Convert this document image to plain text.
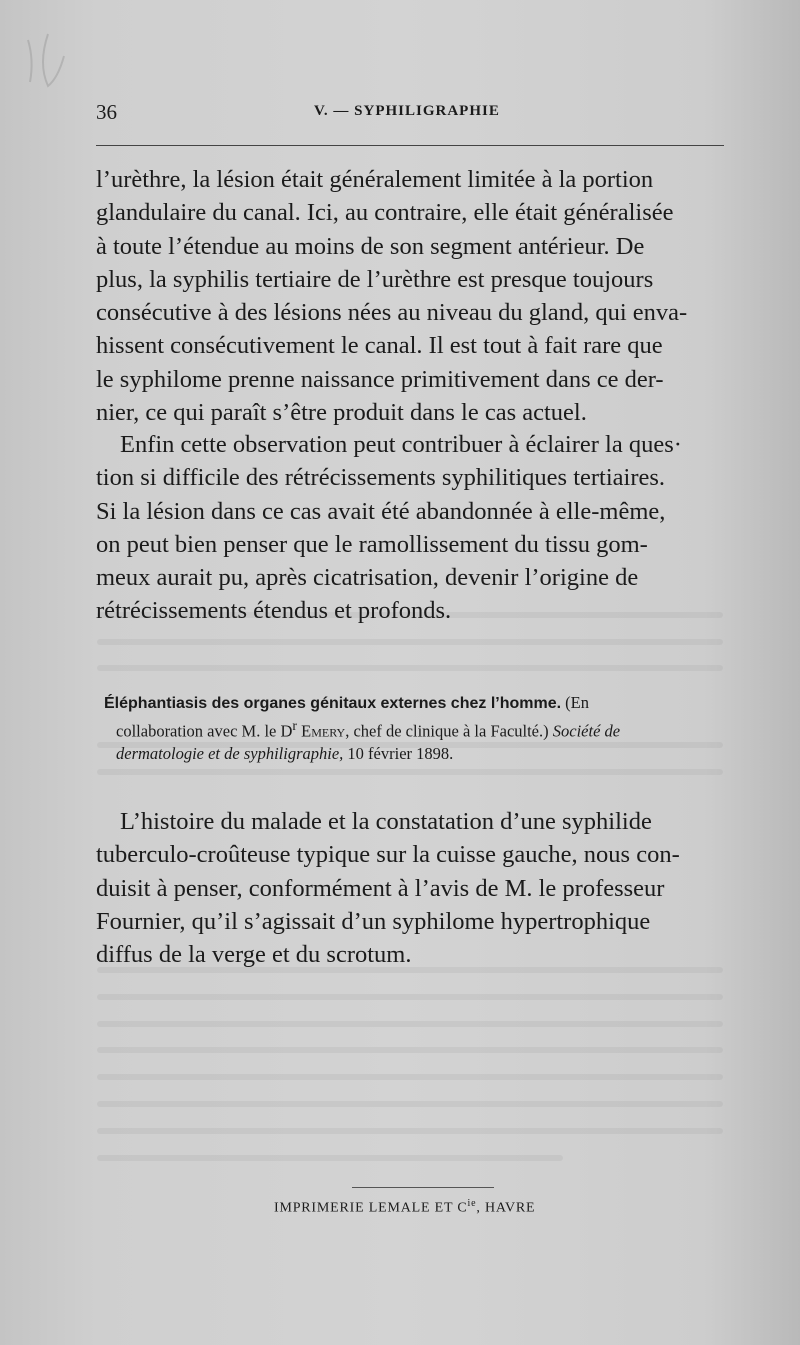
36	V. — SYPHILIGRAPHIE

l’urèthre, la lésion était généralement limitée à la portion
glandulaire du canal. Ici, au contraire, elle était généralisée
à toute l’étendue au moins de son segment antérieur. De
plus, la syphilis tertiaire de l’urèthre est presque toujours
consécutive à des lésions nées au niveau du gland, qui enva-
hissent consécutivement le canal. Il est tout à fait rare que
le syphilome prenne naissance primitivement dans ce der-
nier, ce qui paraît s’être produit dans le cas actuel.

Enfin cette observation peut contribuer à éclairer la ques·
tion si difficile des rétrécissements syphilitiques tertiaires.
Si la lésion dans ce cas avait été abandonnée à elle-même,
on peut bien penser que le ramollissement du tissu gom-
meux aurait pu, après cicatrisation, devenir l’origine de
rétrécissements étendus et profonds.

Éléphantiasis des organes génitaux externes chez l’homme. (En
collaboration avec M. le $D^r$ Emery, chef de clinique à la Faculté.) Société de
dermatologie et de syphiligraphie, 10 février 1898.

L’histoire du malade et la constatation d’une syphilide
tuberculo-croûteuse typique sur la cuisse gauche, nous con-
duisit à penser, conformément à l’avis de M. le professeur
Fournier, qu’il s’agissait d’un syphilome hypertrophique
diffus de la verge et du scrotum.

IMPRIMERIE LEMALE ET $C^{ie}$, HAVRE
